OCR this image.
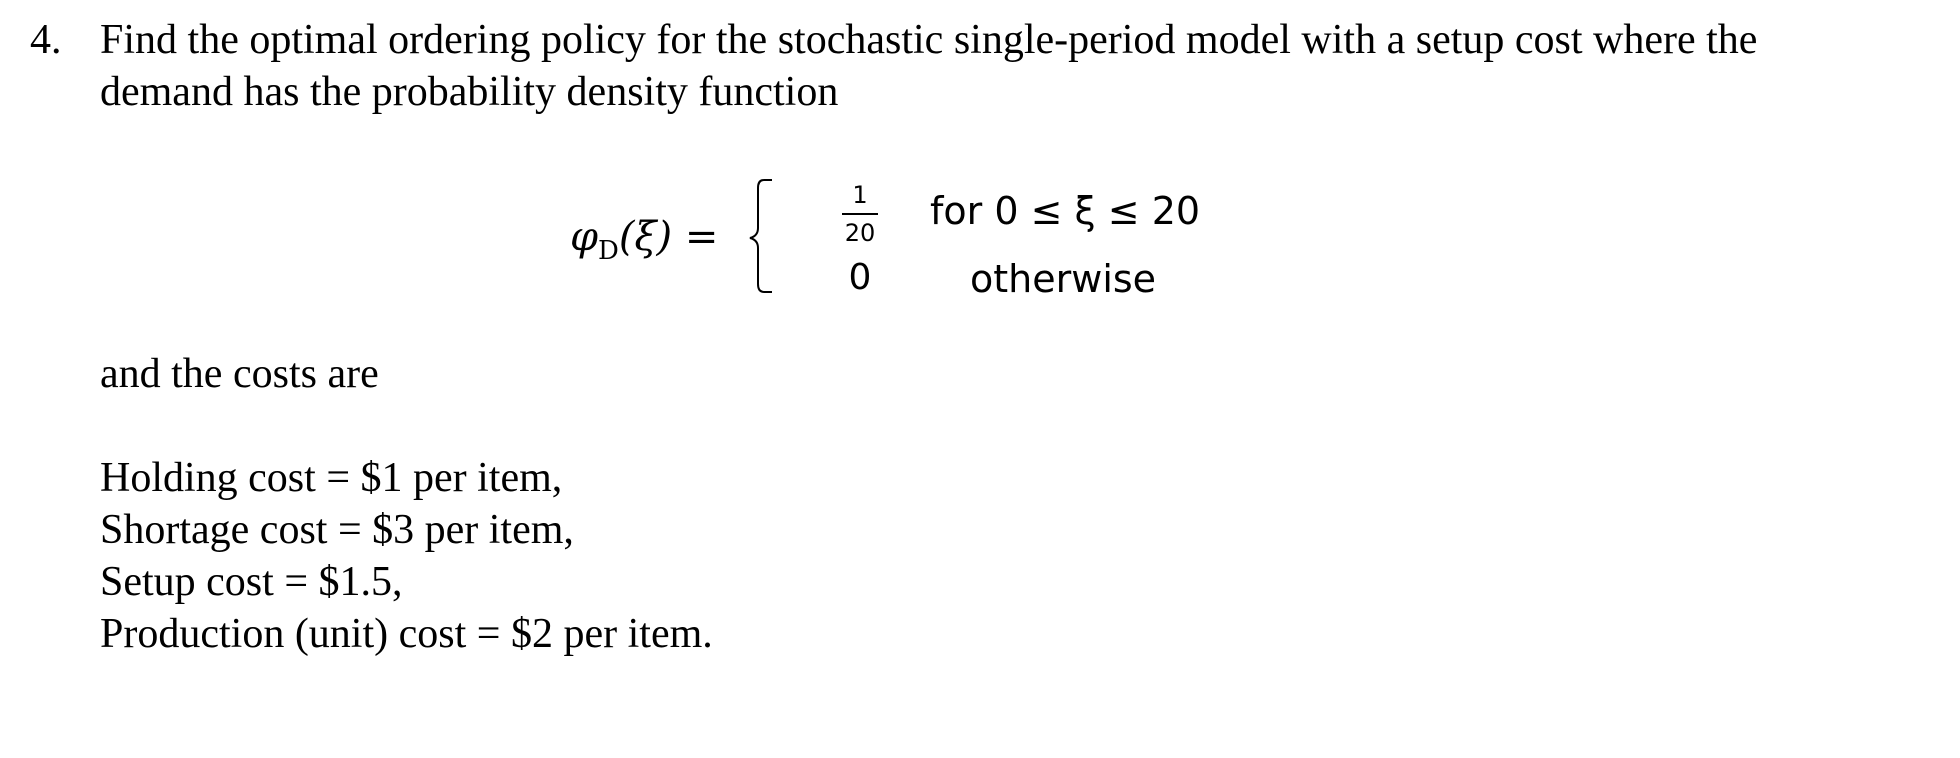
4. Find the optimal ordering policy for the stochastic single-period model with a setup cost where the demand has the probability density function
$\varphi_D(\xi)$ =
1
20 for 0 ≤ ξ ≤ 20
0	otherwise
and the costs are
Holding cost = $1 per item,
Shortage cost = $3 per item,
Setup cost = $1.5,
Production (unit) cost = $2 per item.
